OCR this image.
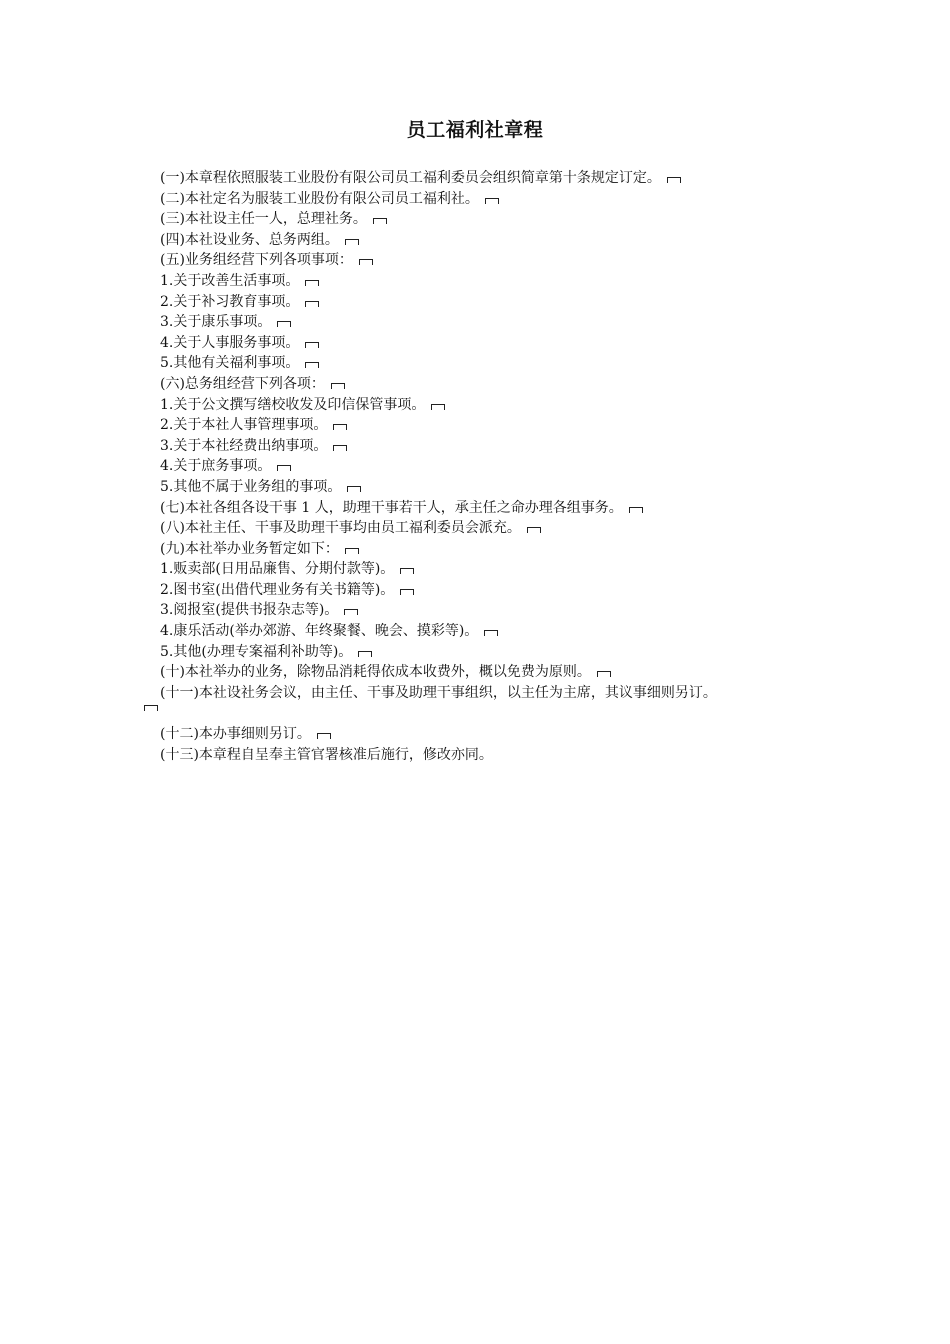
员工福利社章程
(一)本章程依照服装工业股份有限公司员工福利委员会组织简章第十条规定订定。
(二)本社定名为服装工业股份有限公司员工福利社。
(三)本社设主任一人，总理社务。
(四)本社设业务、总务两组。
(五)业务组经营下列各项事项：
1.关于改善生活事项。
2.关于补习教育事项。
3.关于康乐事项。
4.关于人事服务事项。
5.其他有关福利事项。
(六)总务组经营下列各项：
1.关于公文撰写缮校收发及印信保管事项。
2.关于本社人事管理事项。
3.关于本社经费出纳事项。
4.关于庶务事项。
5.其他不属于业务组的事项。
(七)本社各组各设干事 1 人，助理干事若干人，承主任之命办理各组事务。
(八)本社主任、干事及助理干事均由员工福利委员会派充。
(九)本社举办业务暂定如下：
1.贩卖部(日用品廉售、分期付款等)。
2.图书室(出借代理业务有关书籍等)。
3.阅报室(提供书报杂志等)。
4.康乐活动(举办郊游、年终聚餐、晚会、摸彩等)。
5.其他(办理专案福利补助等)。
(十)本社举办的业务，除物品消耗得依成本收费外，概以免费为原则。
(十一)本社设社务会议，由主任、干事及助理干事组织，以主任为主席，其议事细则另订。
(十二)本办事细则另订。
(十三)本章程自呈奉主管官署核准后施行，修改亦同。
